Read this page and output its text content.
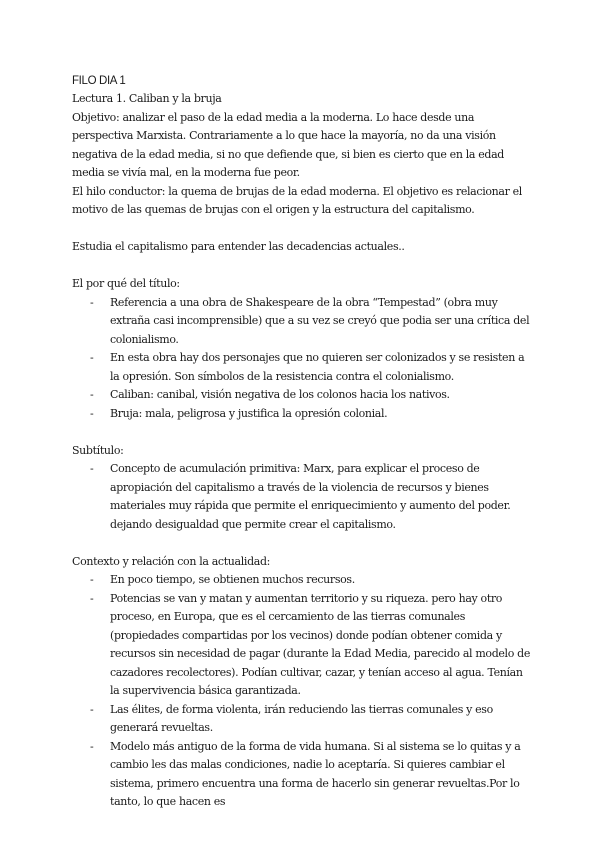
FILO DIA 1

Lectura 1. Caliban y la bruja

Objetivo: analizar el paso de la edad media a la moderna. Lo hace desde una perspectiva Marxista. Contrariamente a lo que hace la mayoría, no da una visión negativa de la edad media, si no que defiende que, si bien es cierto que en la edad media se vivía mal, en la moderna fue peor.

El hilo conductor: la quema de brujas de la edad moderna. El objetivo es relacionar el motivo de las quemas de brujas con el origen y la estructura del capitalismo.

Estudia el capitalismo para entender las decadencias actuales..

El por qué del título:

- Referencia a una obra de Shakespeare de la obra “Tempestad” (obra muy extraña casi incomprensible) que a su vez se creyó que podia ser una crítica del colonialismo.
- En esta obra hay dos personajes que no quieren ser colonizados y se resisten a la opresión. Son símbolos de la resistencia contra el colonialismo.
- Caliban: canibal, visión negativa de los colonos hacia los nativos.
- Bruja: mala, peligrosa y justifica la opresión colonial.

Subtítulo:

- Concepto de acumulación primitiva: Marx, para explicar el proceso de apropiación del capitalismo a través de la violencia de recursos y bienes materiales muy rápida que permite el enriquecimiento y aumento del poder. dejando desigualdad que permite crear el capitalismo.

Contexto y relación con la actualidad:

- En poco tiempo, se obtienen muchos recursos.
- Potencias se van y matan y aumentan territorio y su riqueza. pero hay otro proceso, en Europa, que es el cercamiento de las tierras comunales (propiedades compartidas por los vecinos) donde podían obtener comida y recursos sin necesidad de pagar (durante la Edad Media, parecido al modelo de cazadores recolectores). Podían cultivar, cazar, y tenían acceso al agua. Tenían la supervivencia básica garantizada.
- Las élites, de forma violenta, irán reduciendo las tierras comunales y eso generará revueltas.
- Modelo más antiguo de la forma de vida humana. Si al sistema se lo quitas y a cambio les das malas condiciones, nadie lo aceptaría. Si quieres cambiar el sistema, primero encuentra una forma de hacerlo sin generar revueltas.Por lo tanto, lo que hacen es
